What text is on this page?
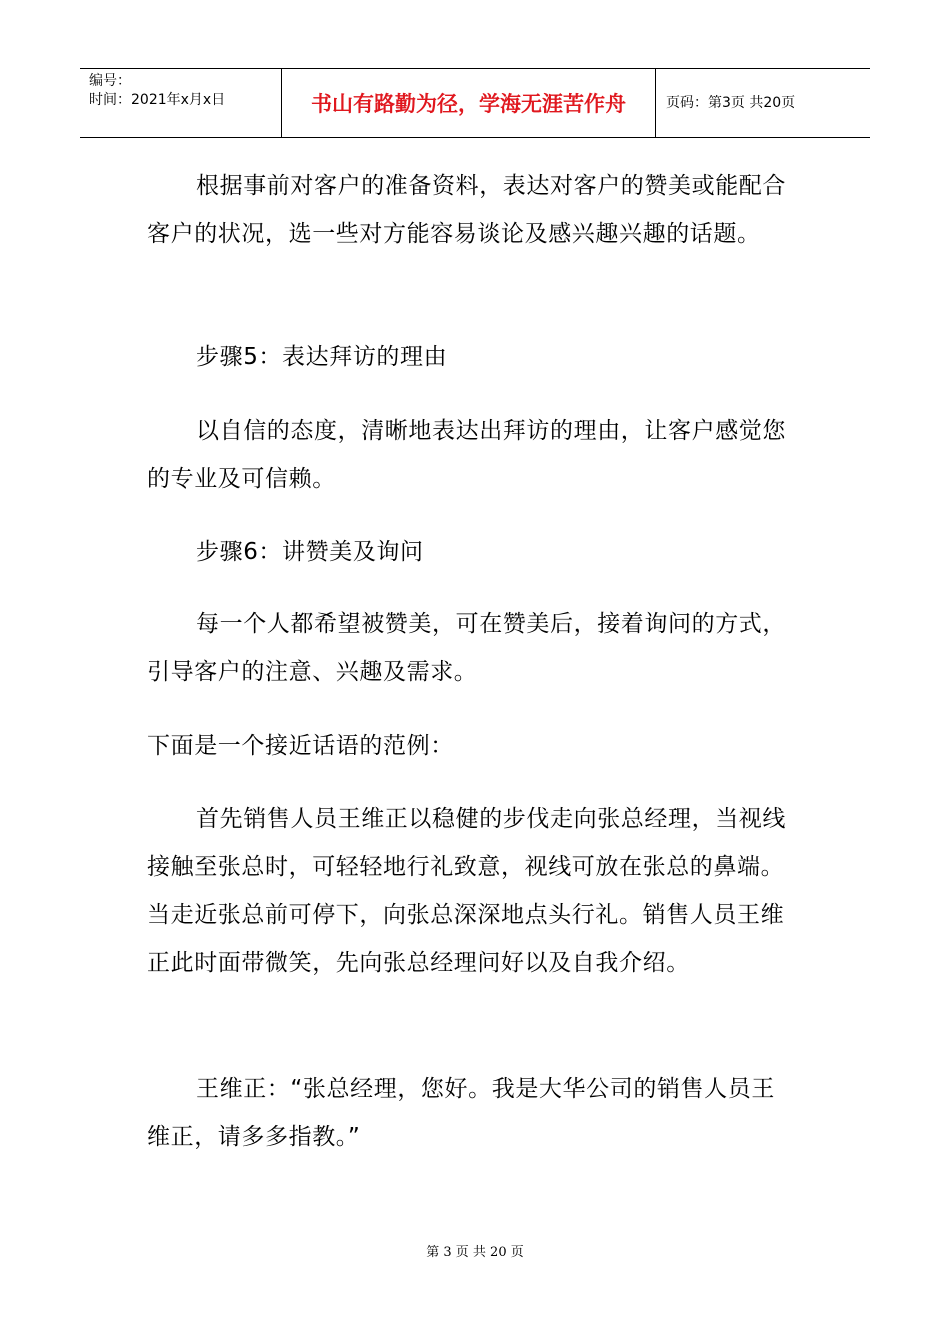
编号：
时间：2021年x月x日	书山有路勤为径，学海无涯苦作舟	页码：第3页 共20页

根据事前对客户的准备资料，表达对客户的赞美或能配合客户的状况，选一些对方能容易谈论及感兴趣兴趣的话题。

步骤5：表达拜访的理由

以自信的态度，清晰地表达出拜访的理由，让客户感觉您的专业及可信赖。

步骤6：讲赞美及询问

每一个人都希望被赞美，可在赞美后，接着询问的方式，引导客户的注意、兴趣及需求。

下面是一个接近话语的范例：

首先销售人员王维正以稳健的步伐走向张总经理，当视线接触至张总时，可轻轻地行礼致意，视线可放在张总的鼻端。当走近张总前可停下，向张总深深地点头行礼。销售人员王维正此时面带微笑，先向张总经理问好以及自我介绍。

王维正：“张总经理，您好。我是大华公司的销售人员王维正，请多多指教。”

第 3 页 共 20 页
